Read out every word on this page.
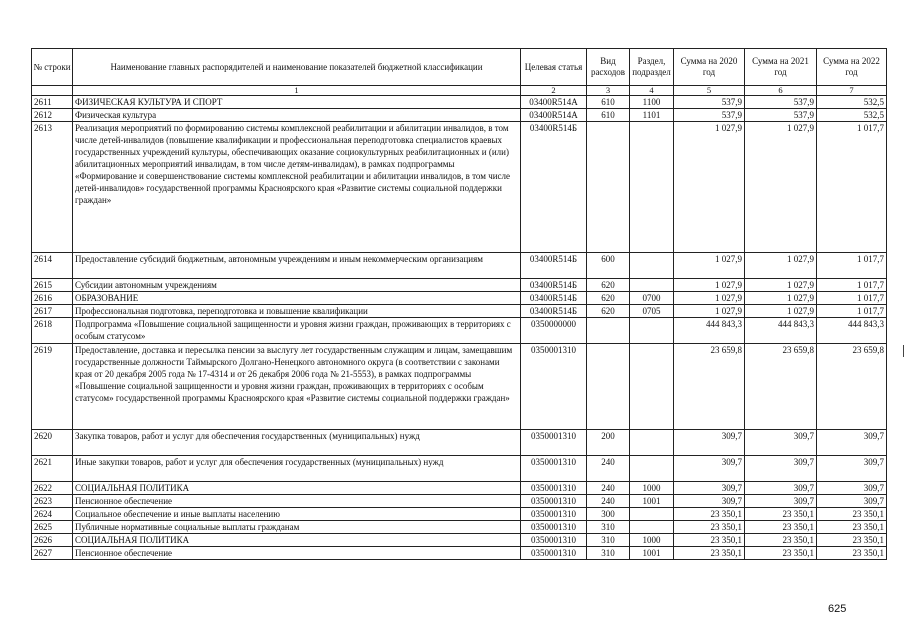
№ строки	Наименование главных распорядителей и наименование показателей бюджетной классификации	Целевая статья	Вид расходов	Раздел, подраздел	Сумма на 2020 год	Сумма на 2021 год	Сумма на 2022 год
	1	2	3	4	5	6	7
2611	ФИЗИЧЕСКАЯ КУЛЬТУРА И СПОРТ	03400R514А	610	1100	537,9	537,9	532,5
2612	Физическая культура	03400R514А	610	1101	537,9	537,9	532,5
2613	Реализация мероприятий по формированию системы комплексной реабилитации и абилитации инвалидов, в том числе детей-инвалидов (повышение квалификации и профессиональная переподготовка специалистов краевых государственных учреждений культуры, обеспечивающих оказание социокультурных реабилитационных и (или) абилитационных мероприятий инвалидам, в том числе детям-инвалидам), в рамках подпрограммы «Формирование и совершенствование системы комплексной реабилитации и абилитации инвалидов, в том числе детей-инвалидов» государственной программы Красноярского края «Развитие системы социальной поддержки граждан»	03400R514Б			1 027,9	1 027,9	1 017,7
2614	Предоставление субсидий бюджетным, автономным учреждениям и иным некоммерческим организациям	03400R514Б	600		1 027,9	1 027,9	1 017,7
2615	Субсидии автономным учреждениям	03400R514Б	620		1 027,9	1 027,9	1 017,7
2616	ОБРАЗОВАНИЕ	03400R514Б	620	0700	1 027,9	1 027,9	1 017,7
2617	Профессиональная подготовка, переподготовка и повышение квалификации	03400R514Б	620	0705	1 027,9	1 027,9	1 017,7
2618	Подпрограмма «Повышение социальной защищенности и уровня жизни граждан, проживающих в территориях с особым статусом»	0350000000			444 843,3	444 843,3	444 843,3
2619	Предоставление, доставка и пересылка пенсии за выслугу лет государственным служащим и лицам, замещавшим государственные должности Таймырского Долгано-Ненецкого автономного округа (в соответствии с законами края от 20 декабря 2005 года № 17-4314 и от 26 декабря 2006 года № 21-5553), в рамках подпрограммы «Повышение социальной защищенности и уровня жизни граждан, проживающих в территориях с особым статусом» государственной программы Красноярского края «Развитие системы социальной поддержки граждан»	0350001310			23 659,8	23 659,8	23 659,8
2620	Закупка товаров, работ и услуг для обеспечения государственных (муниципальных) нужд	0350001310	200		309,7	309,7	309,7
2621	Иные закупки товаров, работ и услуг для обеспечения государственных (муниципальных) нужд	0350001310	240		309,7	309,7	309,7
2622	СОЦИАЛЬНАЯ ПОЛИТИКА	0350001310	240	1000	309,7	309,7	309,7
2623	Пенсионное обеспечение	0350001310	240	1001	309,7	309,7	309,7
2624	Социальное обеспечение и иные выплаты населению	0350001310	300		23 350,1	23 350,1	23 350,1
2625	Публичные нормативные социальные выплаты гражданам	0350001310	310		23 350,1	23 350,1	23 350,1
2626	СОЦИАЛЬНАЯ ПОЛИТИКА	0350001310	310	1000	23 350,1	23 350,1	23 350,1
2627	Пенсионное обеспечение	0350001310	310	1001	23 350,1	23 350,1	23 350,1
625
